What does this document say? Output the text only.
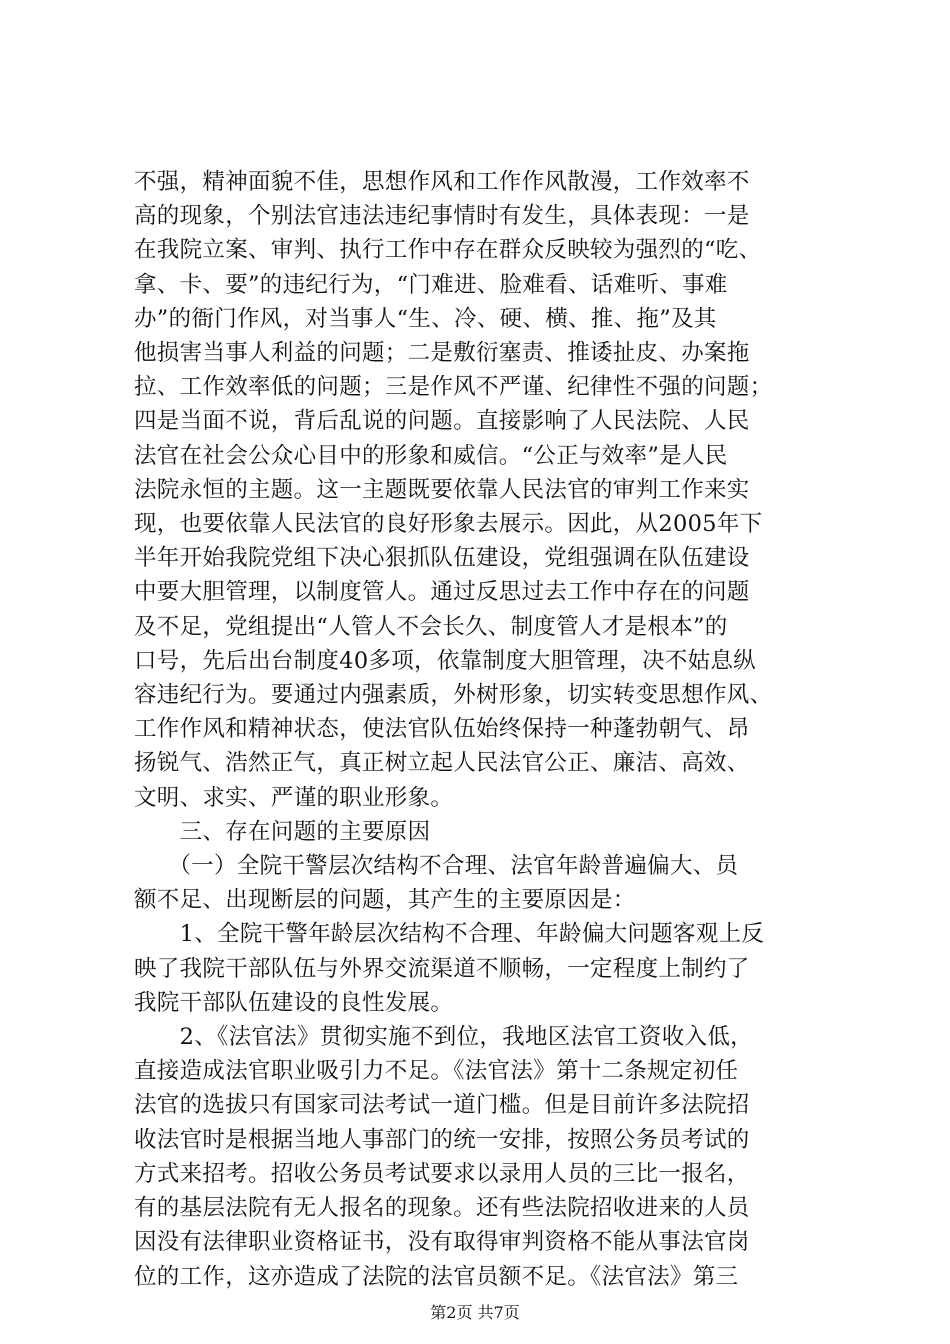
不强，精神面貌不佳，思想作风和工作作风散漫，工作效率不
高的现象，个别法官违法违纪事情时有发生，具体表现：一是
在我院立案、审判、执行工作中存在群众反映较为强烈的“吃、
拿、卡、要”的违纪行为，“门难进、脸难看、话难听、事难
办”的衙门作风，对当事人“生、冷、硬、横、推、拖”及其
他损害当事人利益的问题；二是敷衍塞责、推诿扯皮、办案拖
拉、工作效率低的问题；三是作风不严谨、纪律性不强的问题；
四是当面不说，背后乱说的问题。直接影响了人民法院、人民
法官在社会公众心目中的形象和威信。“公正与效率”是人民
法院永恒的主题。这一主题既要依靠人民法官的审判工作来实
现，也要依靠人民法官的良好形象去展示。因此，从2005年下
半年开始我院党组下决心狠抓队伍建设，党组强调在队伍建设
中要大胆管理，以制度管人。通过反思过去工作中存在的问题
及不足，党组提出“人管人不会长久、制度管人才是根本”的
口号，先后出台制度40多项，依靠制度大胆管理，决不姑息纵
容违纪行为。要通过内强素质，外树形象，切实转变思想作风、
工作作风和精神状态，使法官队伍始终保持一种蓬勃朝气、昂
扬锐气、浩然正气，真正树立起人民法官公正、廉洁、高效、
文明、求实、严谨的职业形象。

　　三、存在问题的主要原因

　　（一）全院干警层次结构不合理、法官年龄普遍偏大、员
额不足、出现断层的问题，其产生的主要原因是：

　　1、全院干警年龄层次结构不合理、年龄偏大问题客观上反
映了我院干部队伍与外界交流渠道不顺畅，一定程度上制约了
我院干部队伍建设的良性发展。

　　2、《法官法》贯彻实施不到位，我地区法官工资收入低，
直接造成法官职业吸引力不足。《法官法》第十二条规定初任
法官的选拔只有国家司法考试一道门槛。但是目前许多法院招
收法官时是根据当地人事部门的统一安排，按照公务员考试的
方式来招考。招收公务员考试要求以录用人员的三比一报名，
有的基层法院有无人报名的现象。还有些法院招收进来的人员
因没有法律职业资格证书，没有取得审判资格不能从事法官岗
位的工作，这亦造成了法院的法官员额不足。《法官法》第三

第2页 共7页
